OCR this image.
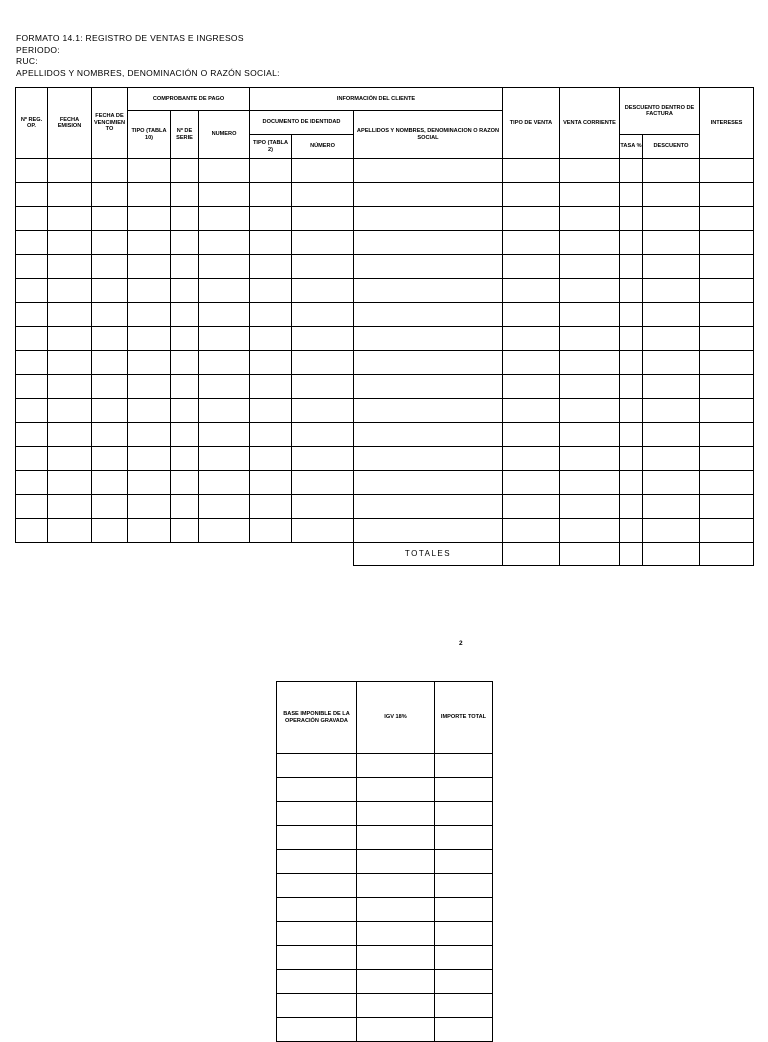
FORMATO 14.1: REGISTRO DE VENTAS E INGRESOS
PERIODO:
RUC:
APELLIDOS Y NOMBRES, DENOMINACIÓN O RAZÓN SOCIAL:
Nº REG. OP.	FECHA EMISION	FECHA DE VENCIMIEN TO	COMPROBANTE DE PAGO			INFORMACIÓN DEL CLIENTE			TIPO DE VENTA	VENTA CORRIENTE	DESCUENTO DENTRO DE FACTURA		INTERESES
			TIPO (TABLA 10)	Nº DE SERIE	NUMERO	DOCUMENTO DE IDENTIDAD		APELLIDOS Y NOMBRES, DENOMINACION O RAZON SOCIAL					
						TIPO (TABLA 2)	NÚMERO				TASA %	DESCUENTO	

								TOTALES					
2
BASE IMPONIBLE DE LA OPERACIÓN GRAVADA	IGV 18%	IMPORTE TOTAL
